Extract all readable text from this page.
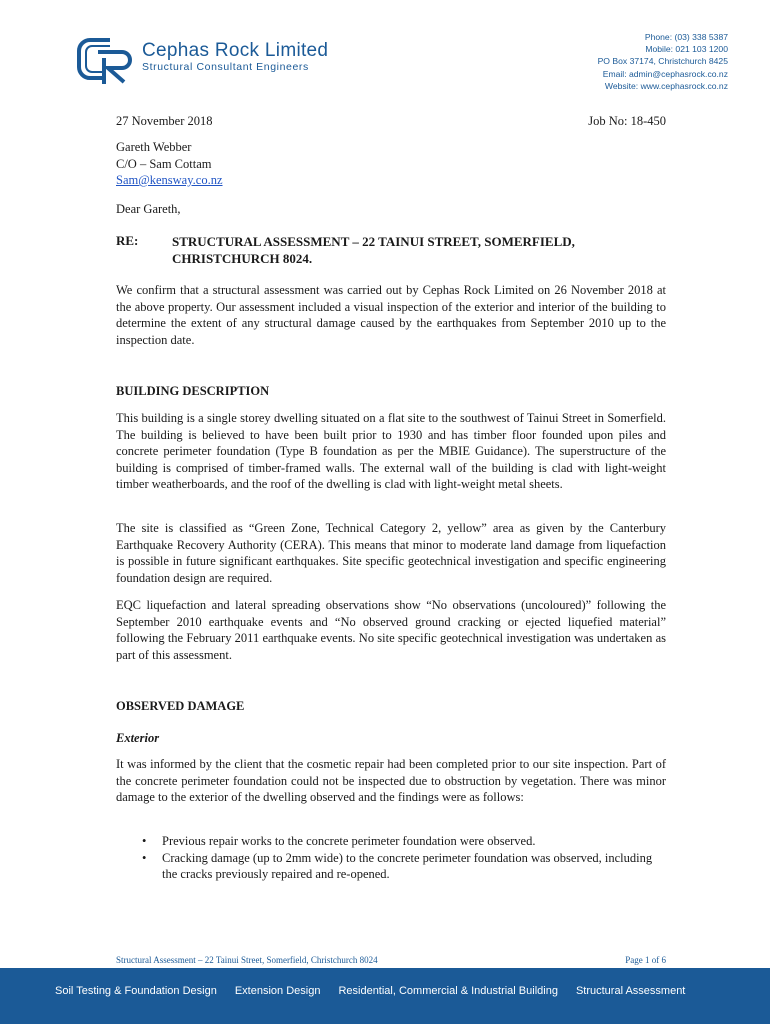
Cephas Rock Limited
Structural Consultant Engineers
Phone: (03) 338 5387
Mobile: 021 103 1200
PO Box 37174, Christchurch 8425
Email: admin@cephasrock.co.nz
Website: www.cephasrock.co.nz
27 November 2018	Job No: 18-450
Gareth Webber
C/O – Sam Cottam
Sam@kensway.co.nz
Dear Gareth,
RE:	STRUCTURAL ASSESSMENT – 22 TAINUI STREET, SOMERFIELD,
CHRISTCHURCH 8024.

We confirm that a structural assessment was carried out by Cephas Rock Limited on 26 November 2018 at the above property. Our assessment included a visual inspection of the exterior and interior of the building to determine the extent of any structural damage caused by the earthquakes from September 2010 up to the inspection date.

BUILDING DESCRIPTION

This building is a single storey dwelling situated on a flat site to the southwest of Tainui Street in Somerfield. The building is believed to have been built prior to 1930 and has timber floor founded upon piles and concrete perimeter foundation (Type B foundation as per the MBIE Guidance). The superstructure of the building is comprised of timber-framed walls. The external wall of the building is clad with light-weight timber weatherboards, and the roof of the dwelling is clad with light-weight metal sheets.

The site is classified as “Green Zone, Technical Category 2, yellow” area as given by the Canterbury Earthquake Recovery Authority (CERA). This means that minor to moderate land damage from liquefaction is possible in future significant earthquakes. Site specific geotechnical investigation and specific engineering foundation design are required.

EQC liquefaction and lateral spreading observations show “No observations (uncoloured)” following the September 2010 earthquake events and “No observed ground cracking or ejected liquefied material” following the February 2011 earthquake events. No site specific geotechnical investigation was undertaken as part of this assessment.

OBSERVED DAMAGE
Exterior

It was informed by the client that the cosmetic repair had been completed prior to our site inspection. Part of the concrete perimeter foundation could not be inspected due to obstruction by vegetation. There was minor damage to the exterior of the dwelling observed and the findings were as follows:

• Previous repair works to the concrete perimeter foundation were observed.
• Cracking damage (up to 2mm wide) to the concrete perimeter foundation was observed, including the cracks previously repaired and re-opened.
Structural Assessment – 22 Tainui Street, Somerfield, Christchurch 8024	Page 1 of 6
Soil Testing & Foundation Design Extension Design Residential, Commercial & Industrial Building Structural Assessment
